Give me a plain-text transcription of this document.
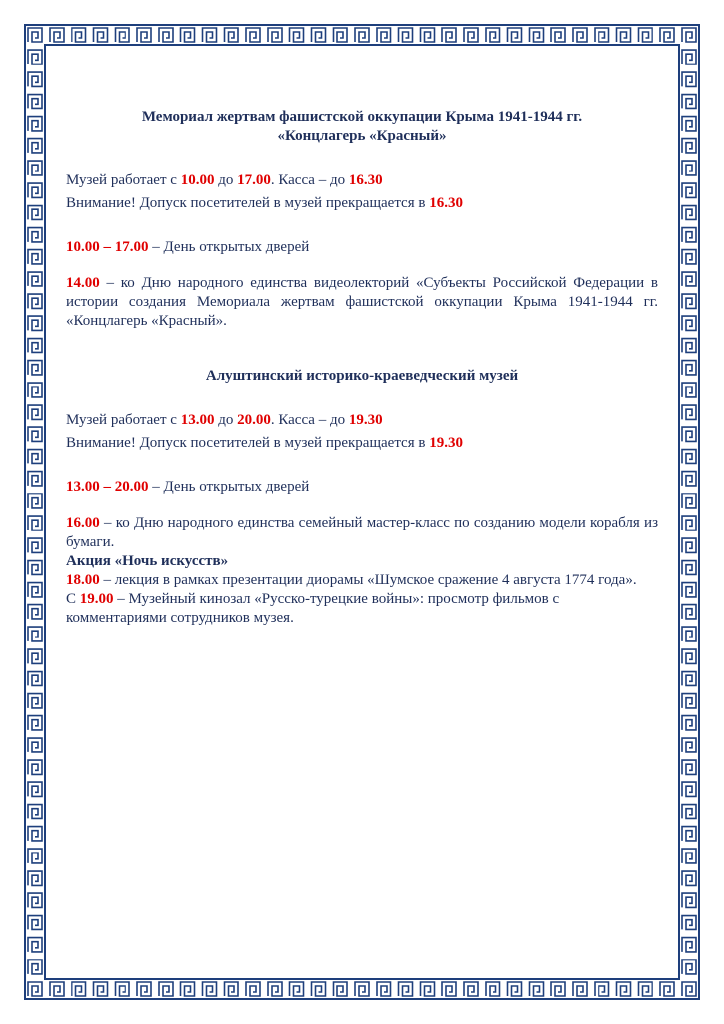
Мемориал жертвам фашистской оккупации Крыма 1941-1944 гг.

«Концлагерь «Красный»

Музей работает с 10.00 до 17.00. Касса – до 16.30

Внимание! Допуск посетителей в музей прекращается в 16.30

10.00 – 17.00 – День открытых дверей

14.00 – ко Дню народного единства видеолекторий «Субъекты Российской Федерации в истории создания Мемориала жертвам фашистской оккупации Крыма 1941-1944 гг. «Концлагерь «Красный».

Алуштинский историко-краеведческий музей

Музей работает с 13.00 до 20.00. Касса – до 19.30

Внимание! Допуск посетителей в музей прекращается в 19.30

13.00 – 20.00 – День открытых дверей

16.00 – ко Дню народного единства семейный мастер-класс по созданию модели корабля из бумаги.

Акция «Ночь искусств»

18.00 – лекция в рамках презентации диорамы «Шумское сражение 4 августа 1774 года».

С 19.00 – Музейный кинозал «Русско-турецкие войны»: просмотр фильмов с комментариями сотрудников музея.
